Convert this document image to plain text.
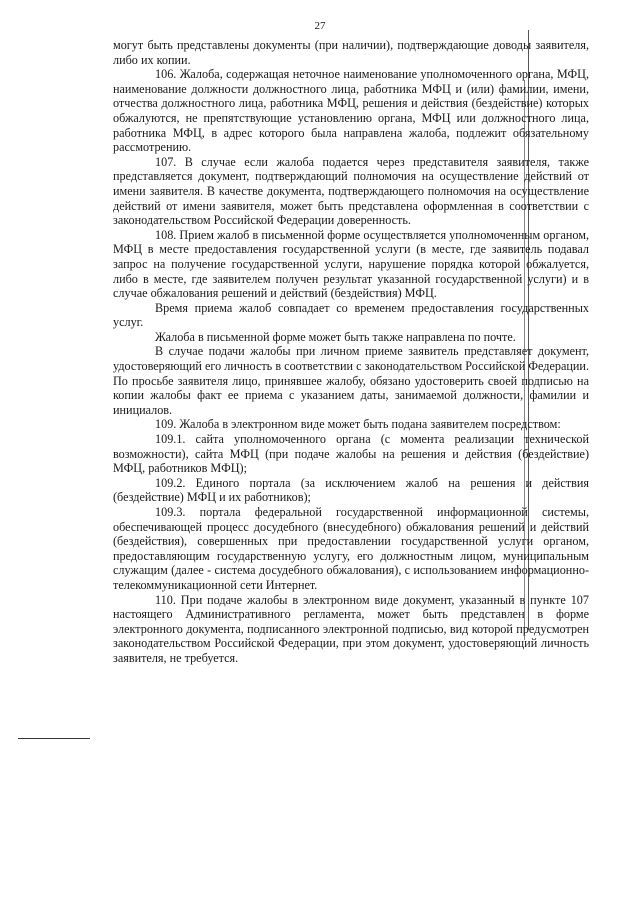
27

могут быть представлены документы (при наличии), подтверждающие доводы заявителя, либо их копии.

106. Жалоба, содержащая неточное наименование уполномоченного органа, МФЦ, наименование должности должностного лица, работника МФЦ и (или) фамилии, имени, отчества должностного лица, работника МФЦ, решения и действия (бездействие) которых обжалуются, не препятствующие установлению органа, МФЦ или должностного лица, работника МФЦ, в адрес которого была направлена жалоба, подлежит обязательному рассмотрению.

107. В случае если жалоба подается через представителя заявителя, также представляется документ, подтверждающий полномочия на осуществление действий от имени заявителя. В качестве документа, подтверждающего полномочия на осуществление действий от имени заявителя, может быть представлена оформленная в соответствии с законодательством Российской Федерации доверенность.

108. Прием жалоб в письменной форме осуществляется уполномоченным органом, МФЦ в месте предоставления государственной услуги (в месте, где заявитель подавал запрос на получение государственной услуги, нарушение порядка которой обжалуется, либо в месте, где заявителем получен результат указанной государственной услуги) и в случае обжалования решений и действий (бездействия) МФЦ.

Время приема жалоб совпадает со временем предоставления государственных услуг.

Жалоба в письменной форме может быть также направлена по почте.

В случае подачи жалобы при личном приеме заявитель представляет документ, удостоверяющий его личность в соответствии с законодательством Российской Федерации. По просьбе заявителя лицо, принявшее жалобу, обязано удостоверить своей подписью на копии жалобы факт ее приема с указанием даты, занимаемой должности, фамилии и инициалов.

109. Жалоба в электронном виде может быть подана заявителем посредством:

109.1. сайта уполномоченного органа (с момента реализации технической возможности), сайта МФЦ (при подаче жалобы на решения и действия (бездействие) МФЦ, работников МФЦ);

109.2. Единого портала (за исключением жалоб на решения и действия (бездействие) МФЦ и их работников);

109.3. портала федеральной государственной информационной системы, обеспечивающей процесс досудебного (внесудебного) обжалования решений и действий (бездействия), совершенных при предоставлении государственной услуги органом, предоставляющим государственную услугу, его должностным лицом, муниципальным служащим (далее - система досудебного обжалования), с использованием информационно-телекоммуникационной сети Интернет.

110. При подаче жалобы в электронном виде документ, указанный в пункте 107 настоящего Административного регламента, может быть представлен в форме электронного документа, подписанного электронной подписью, вид которой предусмотрен законодательством Российской Федерации, при этом документ, удостоверяющий личность заявителя, не требуется.
